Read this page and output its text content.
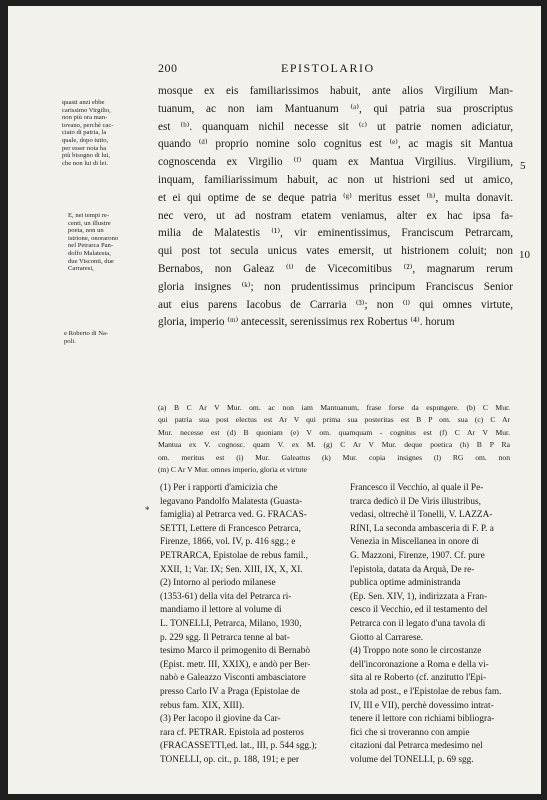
200	EPISTOLARIO
quasti anzi ebbe
carissimo Virgilio,
non più ora man-
tovano, perchè cac-
ciato di patria, la
quale, dopo tutto,
per esser nota ha
più bisogno di lui,
che non lui di lei.
E, nei tempi re-
centi, un illustre
poeta, non un
istrione, onorarono
nel Petrarca Pan-
dolfo Malatesta,
due Visconti, due
Carraresi,
e Roberto di Na-
poli.
mosque ex eis familiarissimos habuit, ante alios Virgilium Man-
tuanum, ac non iam Mantuanum ⁽ᵃ⁾, qui patria sua proscriptus
est ⁽ᵇ⁾. quanquam nichil necesse sit ⁽ᶜ⁾ ut patrie nomen adiciatur,
quando ⁽ᵈ⁾ proprio nomine solo cognitus est ⁽ᵉ⁾, ac magis sit Mantua
cognoscenda ex Virgilio ⁽ᶠ⁾ quam ex Mantua Virgilius. Virgilium,
inquam, familiarissimum habuit, ac non ut histrioni sed ut amico,
et ei qui optime de se deque patria ⁽ᵍ⁾ meritus esset ⁽ʰ⁾, multa donavit.
nec vero, ut ad nostram etatem veniamus, alter ex hac ipsa fa-
milia de Malatestis ⁽¹⁾, vir eminentissimus, Franciscum Petrarcam,
qui post tot secula unicus vates emersit, ut histrionem coluit; non
Bernabos, non Galeaz ⁽ⁱ⁾ de Vicecomitibus ⁽²⁾, magnarum rerum
gloria insignes ⁽ᵏ⁾; non prudentissimus principum Franciscus Senior
aut eius parens Iacobus de Carraria ⁽³⁾; non ⁽ˡ⁾ qui omnes virtute,
gloria, imperio ⁽ᵐ⁾ antecessit, serenissimus rex Robertus ⁽⁴⁾. horum
5
10
(a) B C Ar V Mur. om. ac non iam Mantuanum, frase forse da espungere. (b) C Mur.
qui patria sua post electus est Ar V qui prima sua posteritas est B P om. sua (c) C Ar
Mur. necesse est (d) B quoniam (e) V om. quamquam - cognitus est (f) C Ar V Mur.
Mantua ex V. cognosc. quam V. ex M. (g) C Ar V Mur. deque poetica (h) B P Ra
om. meritus est (i) Mur. Galeattus (k) Mur. copia insignes (l) RG om. non
(m) C Ar V Mur. omnes imperio, gloria et virtute
*
(1) Per i rapporti d'amicizia che
legavano Pandolfo Malatesta (Guasta-
famiglia) al Petrarca ved. G. FRACAS-
SETTI, Lettere di Francesco Petrarca,
Firenze, 1866, vol. IV, p. 416 sgg.; e
PETRARCA, Epistolae de rebus famil.,
XXII, 1; Var. IX; Sen. XIII, IX, X, XI.
(2) Intorno al periodo milanese
(1353-61) della vita del Petrarca ri-
mandiamo il lettore al volume di
L. TONELLI, Petrarca, Milano, 1930,
p. 229 sgg. Il Petrarca tenne al bat-
tesimo Marco il primogenito di Bernabò
(Epist. metr. III, XXIX), e andò per Ber-
nabò e Galeazzo Visconti ambasciatore
presso Carlo IV a Praga (Epistolae de
rebus fam. XIX, XIII).
(3) Per Iacopo il giovine da Car-
rara cf. PETRAR. Epistola ad posteros
(FRACASSETTI,ed. lat., III, p. 544 sgg.);
TONELLI, op. cit., p. 188, 191; e per
Francesco il Vecchio, al quale il Pe-
trarca dedicò il De Viris illustribus,
vedasi, oltrechè il Tonelli, V. LAZZA-
RINI, La seconda ambasceria di F. P. a
Venezia in Miscellanea in onore di
G. Mazzoni, Firenze, 1907. Cf. pure
l'epistola, datata da Arquà, De re-
publica optime administranda
(Ep. Sen. XIV, 1), indirizzata a Fran-
cesco il Vecchio, ed il testamento del
Petrarca con il legato d'una tavola di
Giotto al Carrarese.
(4) Troppo note sono le circostanze
dell'incoronazione a Roma e della vi-
sita al re Roberto (cf. anzitutto l'Epi-
stola ad post., e l'Epistolae de rebus fam.
IV, III e VII), perchè dovessimo intrat-
tenere il lettore con richiami bibliogra-
fici che si troveranno con ampie
citazioni dal Petrarca medesimo nel
volume del TONELLI, p. 69 sgg.
